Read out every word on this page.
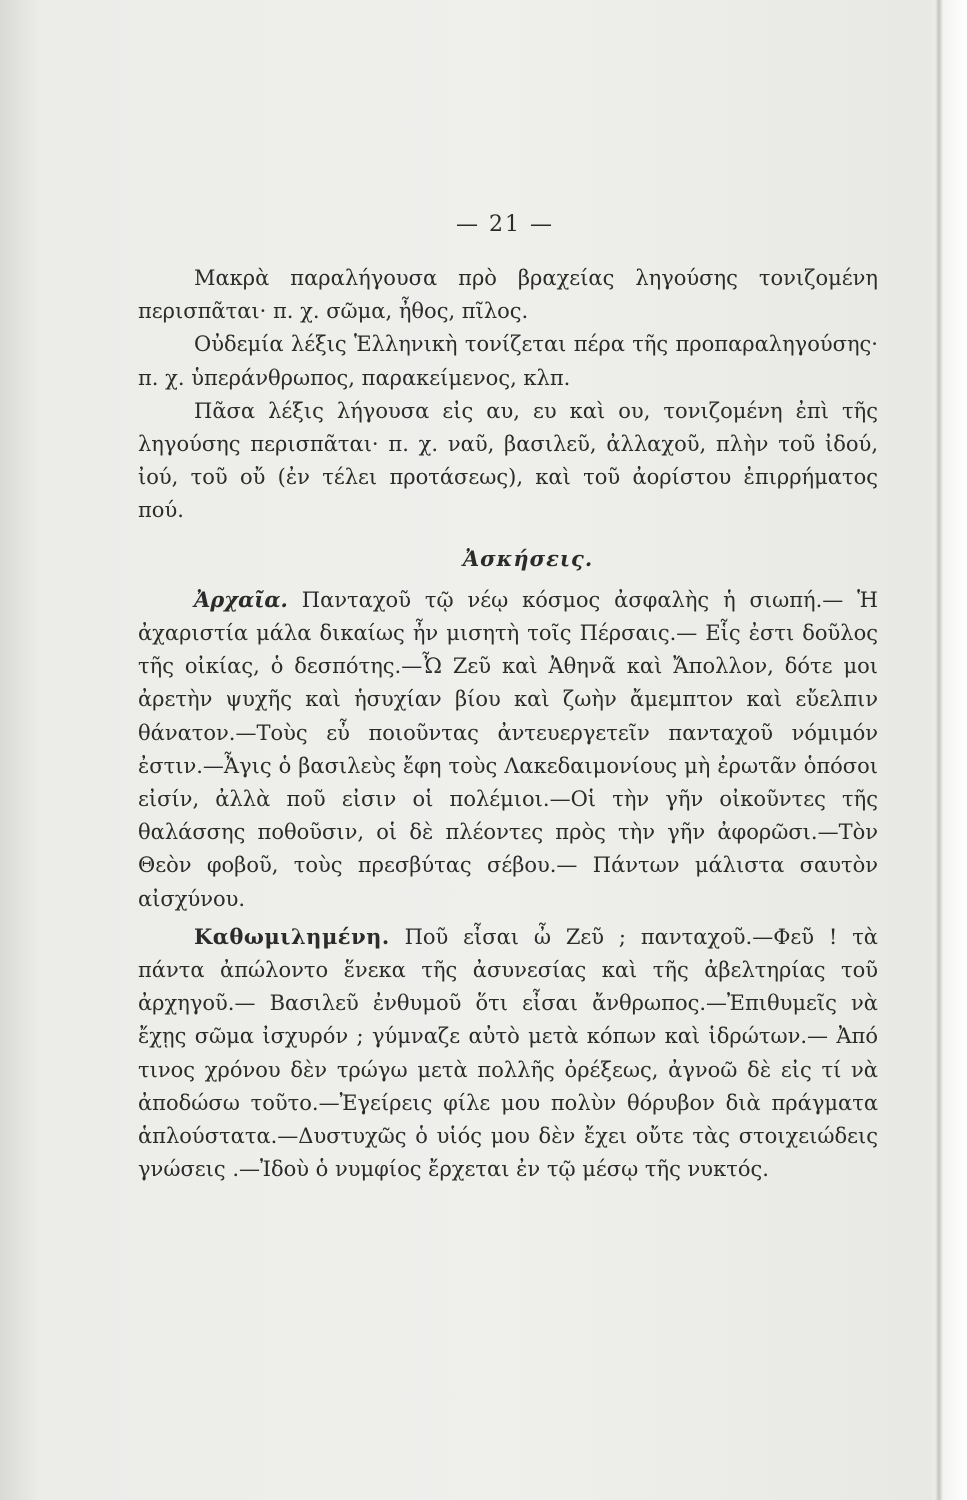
— 21 —

Μακρὰ παραλήγουσα πρὸ βραχείας ληγούσης τονιζομένη περισπᾶται· π. χ. σῶμα, ἦθος, πῖλος.

Οὐδεμία λέξις Ἑλληνικὴ τονίζεται πέρα τῆς προπαραληγούσης· π. χ. ὑπεράνθρωπος, παρακείμενος, κλπ.

Πᾶσα λέξις λήγουσα εἰς αυ, ευ καὶ ου, τονιζομένη ἐπὶ τῆς ληγούσης περισπᾶται· π. χ. ναῦ, βασιλεῦ, ἀλλαχοῦ, πλὴν τοῦ ἰδού, ἰού, τοῦ οὔ (ἐν τέλει προτάσεως), καὶ τοῦ ἀορίστου ἐπιρρήματος πού.

Ἀσκήσεις.

Ἀρχαῖα. Πανταχοῦ τῷ νέῳ κόσμος ἀσφαλὴς ἡ σιωπή.— Ἡ ἀχαριστία μάλα δικαίως ἦν μισητὴ τοῖς Πέρσαις.— Εἷς ἐστι δοῦλος τῆς οἰκίας, ὁ δεσπότης.—Ὦ Ζεῦ καὶ Ἀθηνᾶ καὶ Ἄπολλον, δότε μοι ἀρετὴν ψυχῆς καὶ ἡσυχίαν βίου καὶ ζωὴν ἄμεμπτον καὶ εὔελπιν θάνατον.—Τοὺς εὖ ποιοῦντας ἀντευεργετεῖν πανταχοῦ νόμιμόν ἐστιν.—Ἆγις ὁ βασιλεὺς ἔφη τοὺς Λακεδαιμονίους μὴ ἐρωτᾶν ὁπόσοι εἰσίν, ἀλλὰ ποῦ εἰσιν οἱ πολέμιοι.—Οἱ τὴν γῆν οἰκοῦντες τῆς θαλάσσης ποθοῦσιν, οἱ δὲ πλέοντες πρὸς τὴν γῆν ἀφορῶσι.—Τὸν Θεὸν φοβοῦ, τοὺς πρεσβύτας σέβου.— Πάντων μάλιστα σαυτὸν αἰσχύνου.

Καθωμιλημένη. Ποῦ εἶσαι ὦ Ζεῦ ; πανταχοῦ.—Φεῦ ! τὰ πάντα ἀπώλοντο ἕνεκα τῆς ἀσυνεσίας καὶ τῆς ἀβελτηρίας τοῦ ἀρχηγοῦ.— Βασιλεῦ ἐνθυμοῦ ὅτι εἶσαι ἄνθρωπος.—Ἐπιθυμεῖς νὰ ἔχῃς σῶμα ἰσχυρόν ; γύμναζε αὐτὸ μετὰ κόπων καὶ ἱδρώτων.— Ἀπό τινος χρόνου δὲν τρώγω μετὰ πολλῆς ὀρέξεως, ἀγνοῶ δὲ εἰς τί νὰ ἀποδώσω τοῦτο.—Ἐγείρεις φίλε μου πολὺν θόρυβον διὰ πράγματα ἁπλούστατα.—Δυστυχῶς ὁ υἱός μου δὲν ἔχει οὔτε τὰς στοιχειώδεις γνώσεις .—Ἰδοὺ ὁ νυμφίος ἔρχεται ἐν τῷ μέσῳ τῆς νυκτός.
